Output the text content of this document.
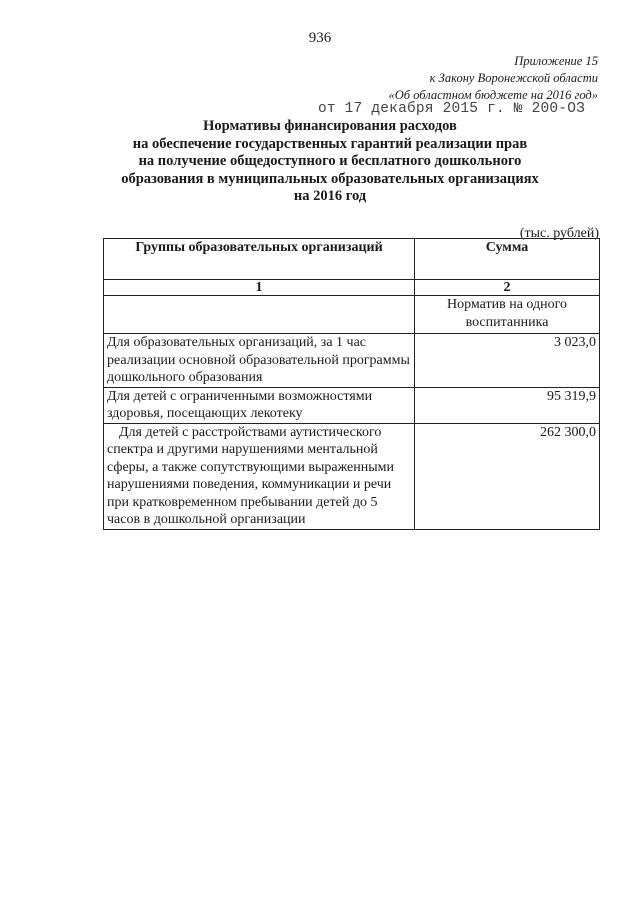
936
Приложение 15
к Закону Воронежской области
«Об областном бюджете на 2016 год»
от 17 декабря 2015 г. № 200-ОЗ
Нормативы финансирования расходов
на обеспечение государственных гарантий реализации прав
на получение общедоступного и бесплатного дошкольного
образования в муниципальных образовательных организациях
на 2016 год
(тыс. рублей)
Группы образовательных организаций	Сумма
1	2
	Норматив на одного воспитанника
Для образовательных организаций, за 1 час реализации основной образовательной программы дошкольного образования	3 023,0
Для детей с ограниченными возможностями здоровья, посещающих лекотеку	95 319,9
Для детей с расстройствами аутистического спектра и другими нарушениями ментальной сферы, а также сопутствующими выраженными нарушениями поведения, коммуникации и речи при кратковременном пребывании детей до 5 часов в дошкольной организации	262 300,0
